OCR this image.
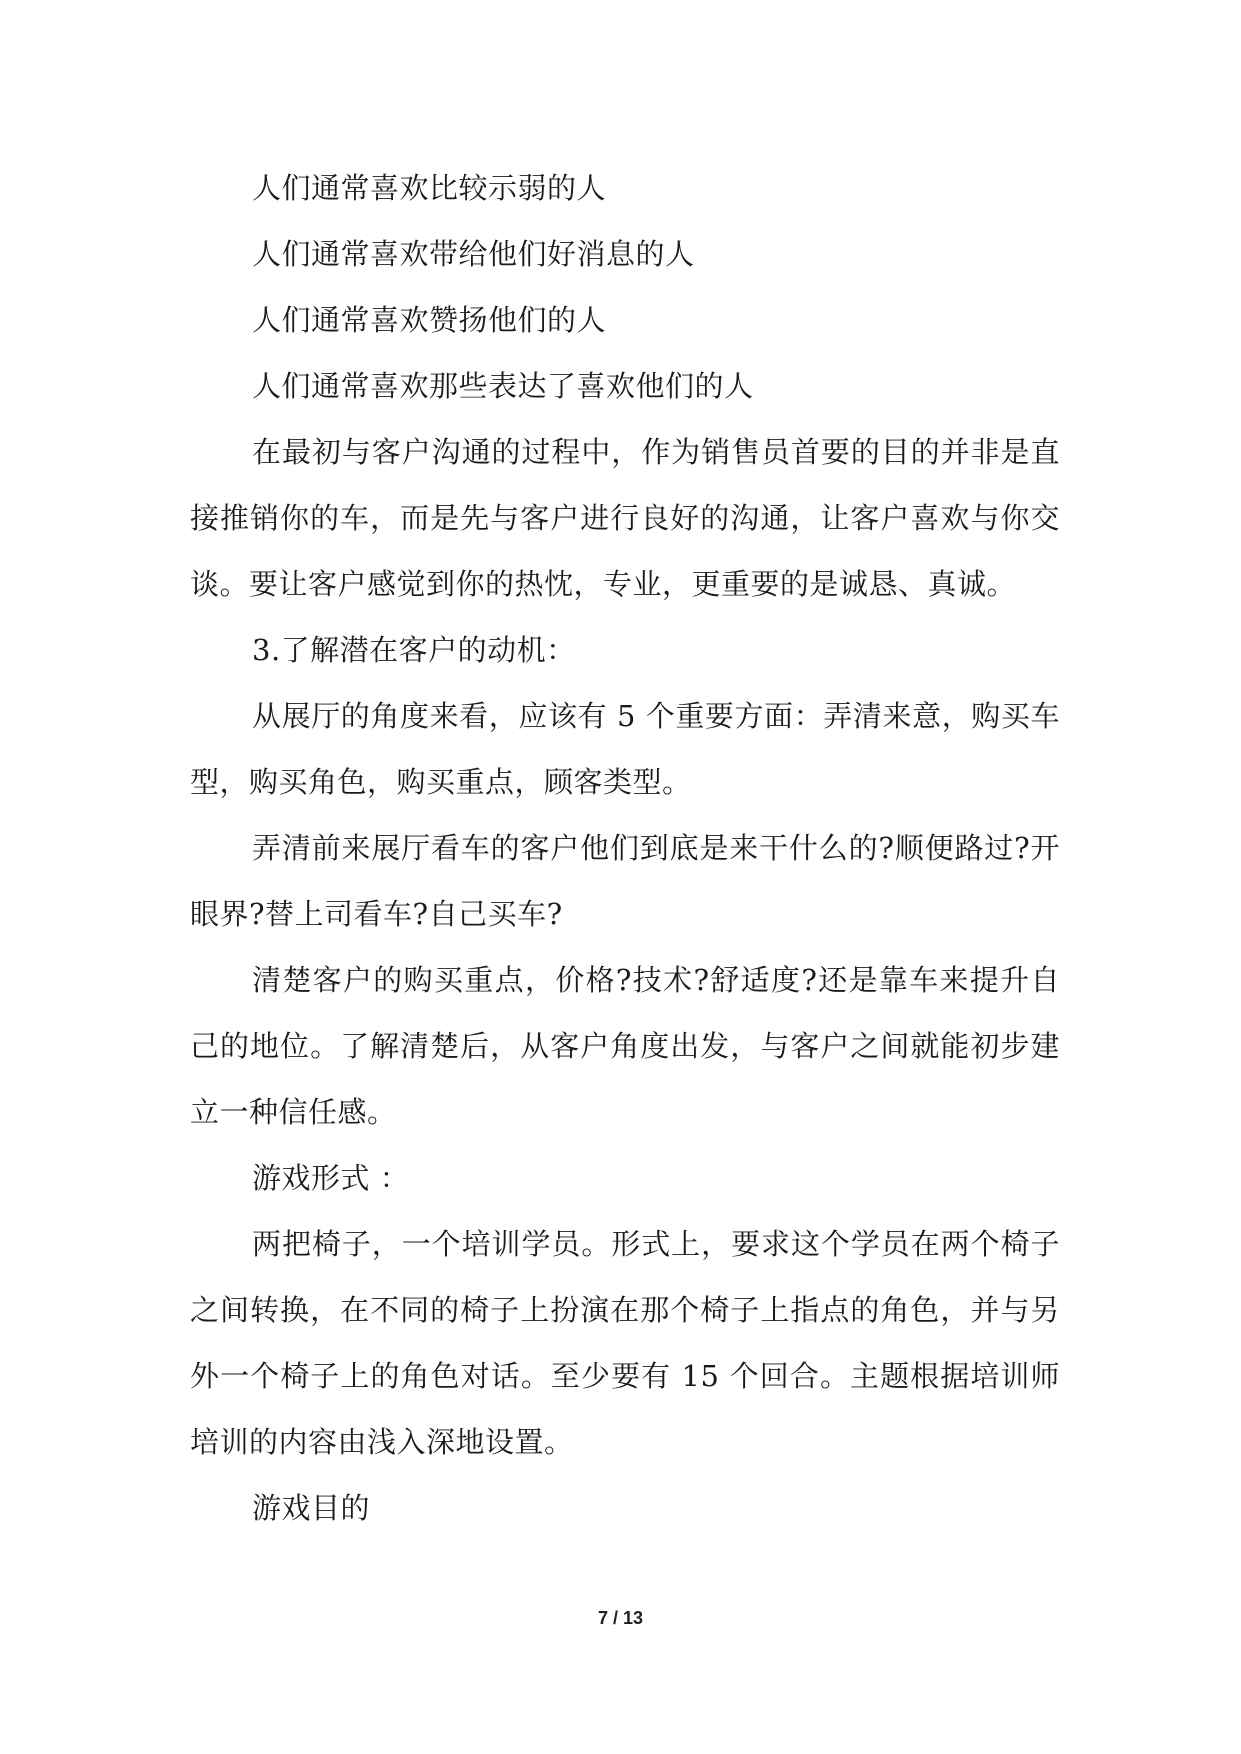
人们通常喜欢比较示弱的人

人们通常喜欢带给他们好消息的人

人们通常喜欢赞扬他们的人

人们通常喜欢那些表达了喜欢他们的人

在最初与客户沟通的过程中，作为销售员首要的目的并非是直接推销你的车，而是先与客户进行良好的沟通，让客户喜欢与你交谈。要让客户感觉到你的热忱，专业，更重要的是诚恳、真诚。

3.了解潜在客户的动机：

从展厅的角度来看，应该有 5 个重要方面：弄清来意，购买车型，购买角色，购买重点，顾客类型。

弄清前来展厅看车的客户他们到底是来干什么的?顺便路过?开眼界?替上司看车?自己买车?

清楚客户的购买重点，价格?技术?舒适度?还是靠车来提升自己的地位。了解清楚后，从客户角度出发，与客户之间就能初步建立一种信任感。

游戏形式 ：

两把椅子，一个培训学员。形式上，要求这个学员在两个椅子之间转换，在不同的椅子上扮演在那个椅子上指点的角色，并与另外一个椅子上的角色对话。至少要有 15 个回合。主题根据培训师培训的内容由浅入深地设置。

游戏目的

7 / 13
